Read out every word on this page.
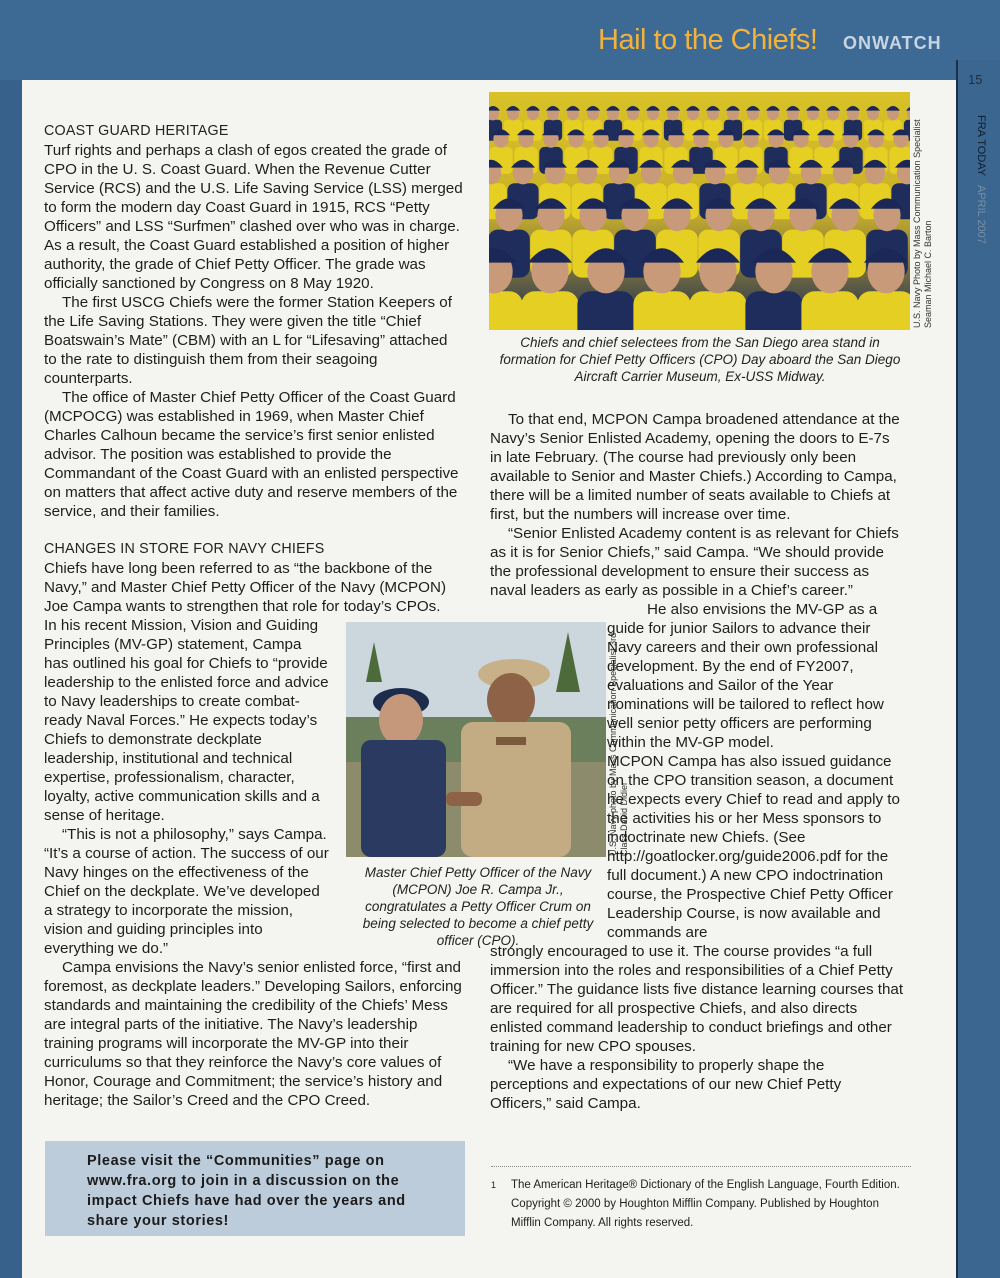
Hail to the Chiefs! ONWATCH
15
FRA TODAY APRIL 2007
U.S. Navy Photo by Mass Communication Specialist Seaman Michael C. Barton
Chiefs and chief selectees from the San Diego area stand in formation for Chief Petty Officers (CPO) Day aboard the San Diego Aircraft Carrier Museum, Ex-USS Midway.
U.S. Navy photo by Mass Communication Specialist 3rd Class David Didier
Master Chief Petty Officer of the Navy (MCPON) Joe R. Campa Jr., congratulates a Petty Officer Crum on being selected to become a chief petty officer (CPO).
COAST GUARD HERITAGE

Turf rights and perhaps a clash of egos created the grade of CPO in the U. S. Coast Guard. When the Revenue Cutter Service (RCS) and the U.S. Life Saving Service (LSS) merged to form the modern day Coast Guard in 1915, RCS “Petty Officers” and LSS “Surfmen” clashed over who was in charge. As a result, the Coast Guard established a position of higher authority, the grade of Chief Petty Officer. The grade was officially sanctioned by Congress on 8 May 1920.

The first USCG Chiefs were the former Station Keepers of the Life Saving Stations. They were given the title “Chief Boatswain’s Mate” (CBM) with an L for “Lifesaving” attached to the rate to distinguish them from their seagoing counterparts.

The office of Master Chief Petty Officer of the Coast Guard (MCPOCG) was established in 1969, when Master Chief Charles Calhoun became the service’s first senior enlisted advisor. The position was established to provide the Commandant of the Coast Guard with an enlisted perspective on matters that affect active duty and reserve members of the service, and their families.

CHANGES IN STORE FOR NAVY CHIEFS

Chiefs have long been referred to as “the backbone of the Navy,” and Master Chief Petty Officer of the Navy (MCPON) Joe Campa wants to strengthen that role for today’s CPOs.

In his recent Mission, Vision and Guiding Principles (MV-GP) statement, Campa has outlined his goal for Chiefs to “provide leadership to the enlisted force and advice to Navy leaderships to create combat-ready Naval Forces.” He expects today’s Chiefs to demonstrate deckplate leadership, institutional and technical expertise, professionalism, character, loyalty, active communication skills and a sense of heritage.

“This is not a philosophy,” says Campa. “It’s a course of action. The success of our Navy hinges on the effectiveness of the Chief on the deckplate. We’ve developed a strategy to incorporate the mission, vision and guiding principles into everything we do.”

Campa envisions the Navy’s senior enlisted force, “first and foremost, as deckplate leaders.” Developing Sailors, enforcing standards and maintaining the credibility of the Chiefs’ Mess are integral parts of the initiative. The Navy’s leadership training programs will incorporate the MV-GP into their curriculums so that they reinforce the Navy’s core values of Honor, Courage and Commitment; the service’s history and heritage; the Sailor’s Creed and the CPO Creed.

To that end, MCPON Campa broadened attendance at the Navy’s Senior Enlisted Academy, opening the doors to E-7s in late February. (The course had previously only been available to Senior and Master Chiefs.) According to Campa, there will be a limited number of seats available to Chiefs at first, but the numbers will increase over time.

“Senior Enlisted Academy content is as relevant for Chiefs as it is for Senior Chiefs,” said Campa. “We should provide the professional development to ensure their success as naval leaders as early as possible in a Chief’s career.”

He also envisions the MV-GP as a guide for junior Sailors to advance their Navy careers and their own professional development. By the end of FY2007, evaluations and Sailor of the Year nominations will be tailored to reflect how well senior petty officers are performing within the MV-GP model.

MCPON Campa has also issued guidance on the CPO transition season, a document he expects every Chief to read and apply to the activities his or her Mess sponsors to indoctrinate new Chiefs. (See http://goatlocker.org/guide2006.pdf for the full document.) A new CPO indoctrination course, the Prospective Chief Petty Officer Leadership Course, is now available and commands are

strongly encouraged to use it. The course provides “a full immersion into the roles and responsibilities of a Chief Petty Officer.” The guidance lists five distance learning courses that are required for all prospective Chiefs, and also directs enlisted command leadership to conduct briefings and other training for new CPO spouses.

“We have a responsibility to properly shape the perceptions and expectations of our new Chief Petty Officers,” said Campa.

Please visit the “Communities” page on www.fra.org to join in a discussion on the impact Chiefs have had over the years and share your stories!
1 The American Heritage® Dictionary of the English Language, Fourth Edition. Copyright © 2000 by Houghton Mifflin Company. Published by Houghton Mifflin Company. All rights reserved.
